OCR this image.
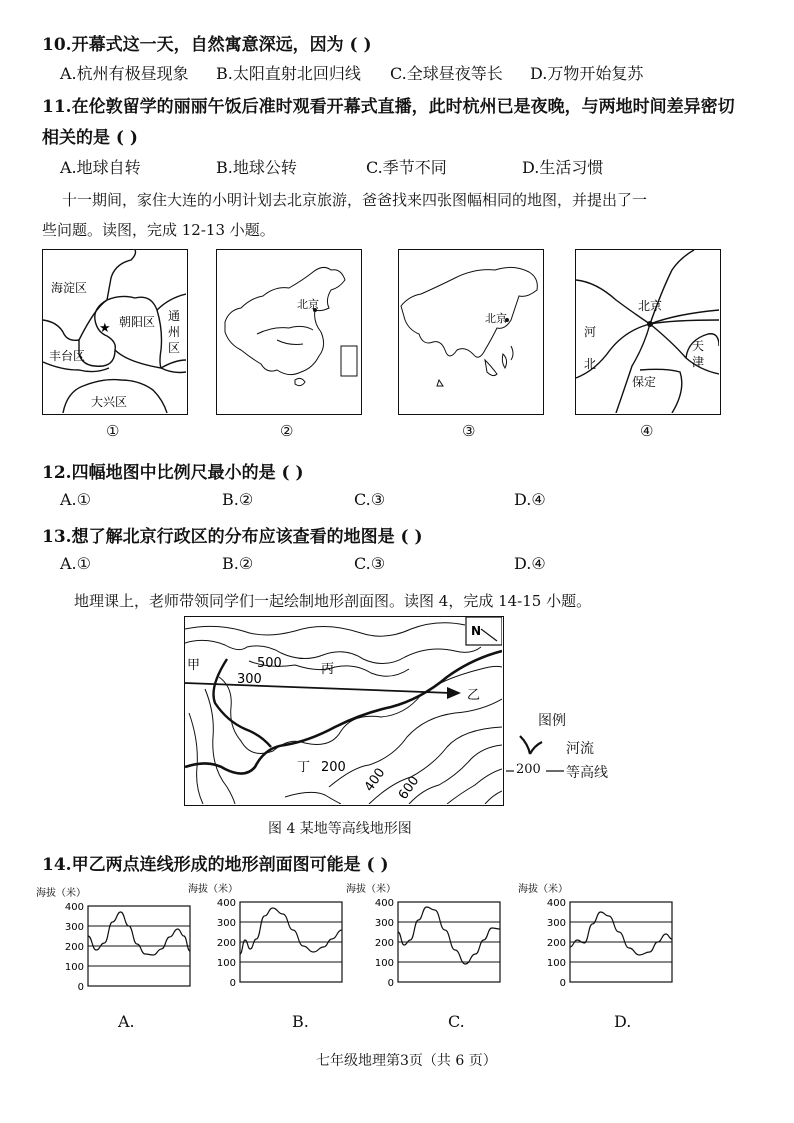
10.开幕式这一天，自然寓意深远，因为 ( )
A.杭州有极昼现象 B.太阳直射北回归线 C.全球昼夜等长 D.万物开始复苏
11.在伦敦留学的丽丽午饭后准时观看开幕式直播，此时杭州已是夜晚，与两地时间差异密切
相关的是 ( )
A.地球自转	B.地球公转	C.季节不同	D.生活习惯
十一期间，家住大连的小明计划去北京旅游，爸爸找来四张图幅相同的地图，并提出了一
些问题。读图，完成 12-13 小题。
★
海淀区
朝阳区 通
州
区
丰台区
大兴区
①
北京
②
北京
③
北京
河
北
保定
天
津
④
12.四幅地图中比例尺最小的是 ( )
A.①	B.②	C.③	D.④
13.想了解北京行政区的分布应该查看的地图是 ( )
A.①	B.②	C.③	D.④
地理课上，老师带领同学们一起绘制地形剖面图。读图 4，完成 14-15 小题。
N
甲
乙
丙
丁
500
300
200 400 600
图例
河流
200 等高线
图 4 某地等高线地形图
14.甲乙两点连线形成的地形剖面图可能是 ( )
海拔（米）
0
100
200
300
400
海拔（米）
0
100
200
300
400
海拔（米）
0
100
200
300
400
海拔（米）
0
100
200
300
400
A.	B.	C.	D.
七年级地理第3页（共 6 页）
